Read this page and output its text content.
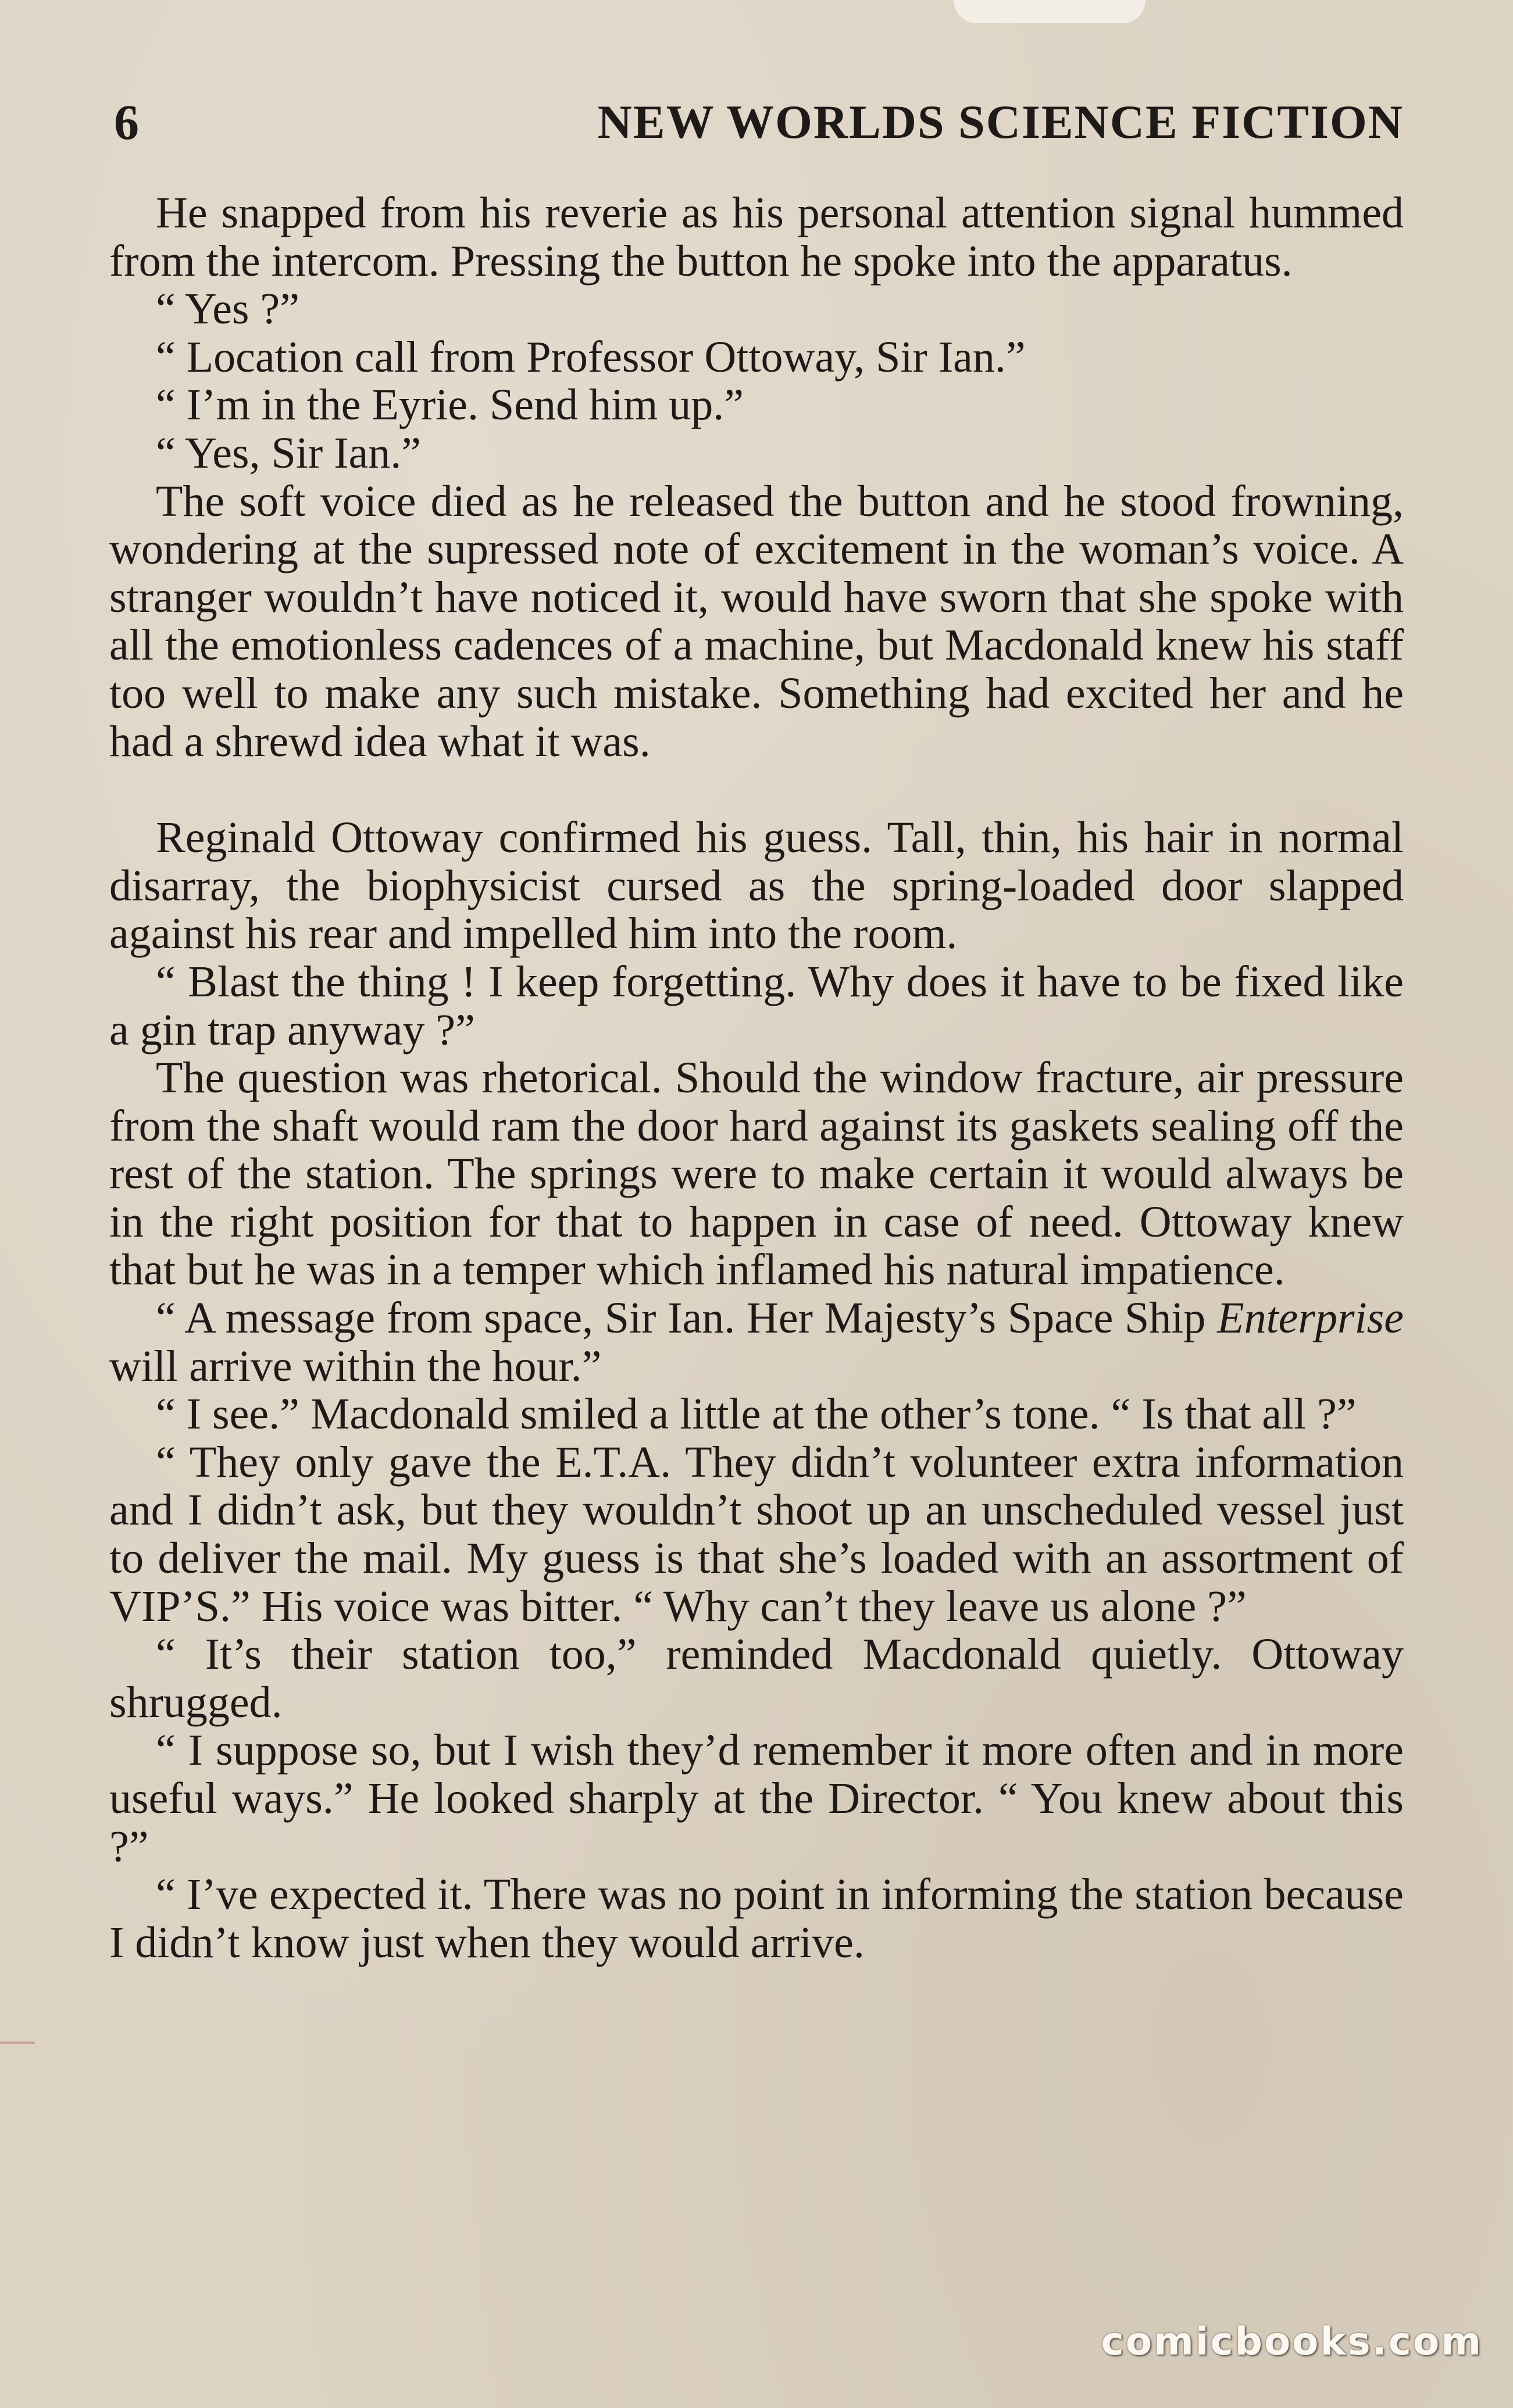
6	NEW WORLDS SCIENCE FICTION

He snapped from his reverie as his personal attention signal hummed from the intercom. Pressing the button he spoke into the apparatus.

“ Yes ?”

“ Location call from Professor Ottoway, Sir Ian.”

“ I’m in the Eyrie. Send him up.”

“ Yes, Sir Ian.”

The soft voice died as he released the button and he stood frowning, wondering at the supressed note of excitement in the woman’s voice. A stranger wouldn’t have noticed it, would have sworn that she spoke with all the emotionless cadences of a machine, but Macdonald knew his staff too well to make any such mistake. Something had excited her and he had a shrewd idea what it was.

Reginald Ottoway confirmed his guess. Tall, thin, his hair in normal disarray, the biophysicist cursed as the spring-loaded door slapped against his rear and impelled him into the room.

“ Blast the thing ! I keep forgetting. Why does it have to be fixed like a gin trap anyway ?”

The question was rhetorical. Should the window fracture, air pressure from the shaft would ram the door hard against its gaskets sealing off the rest of the station. The springs were to make certain it would always be in the right position for that to happen in case of need. Ottoway knew that but he was in a temper which inflamed his natural impatience.

“ A message from space, Sir Ian. Her Majesty’s Space Ship Enterprise will arrive within the hour.”

“ I see.” Macdonald smiled a little at the other’s tone. “ Is that all ?”

“ They only gave the E.T.A. They didn’t volunteer extra information and I didn’t ask, but they wouldn’t shoot up an unscheduled vessel just to deliver the mail. My guess is that she’s loaded with an assortment of VIP’S.” His voice was bitter. “ Why can’t they leave us alone ?”

“ It’s their station too,” reminded Macdonald quietly. Ottoway shrugged.

“ I suppose so, but I wish they’d remember it more often and in more useful ways.” He looked sharply at the Director. “ You knew about this ?”

“ I’ve expected it. There was no point in informing the station because I didn’t know just when they would arrive.

comicbooks.com
